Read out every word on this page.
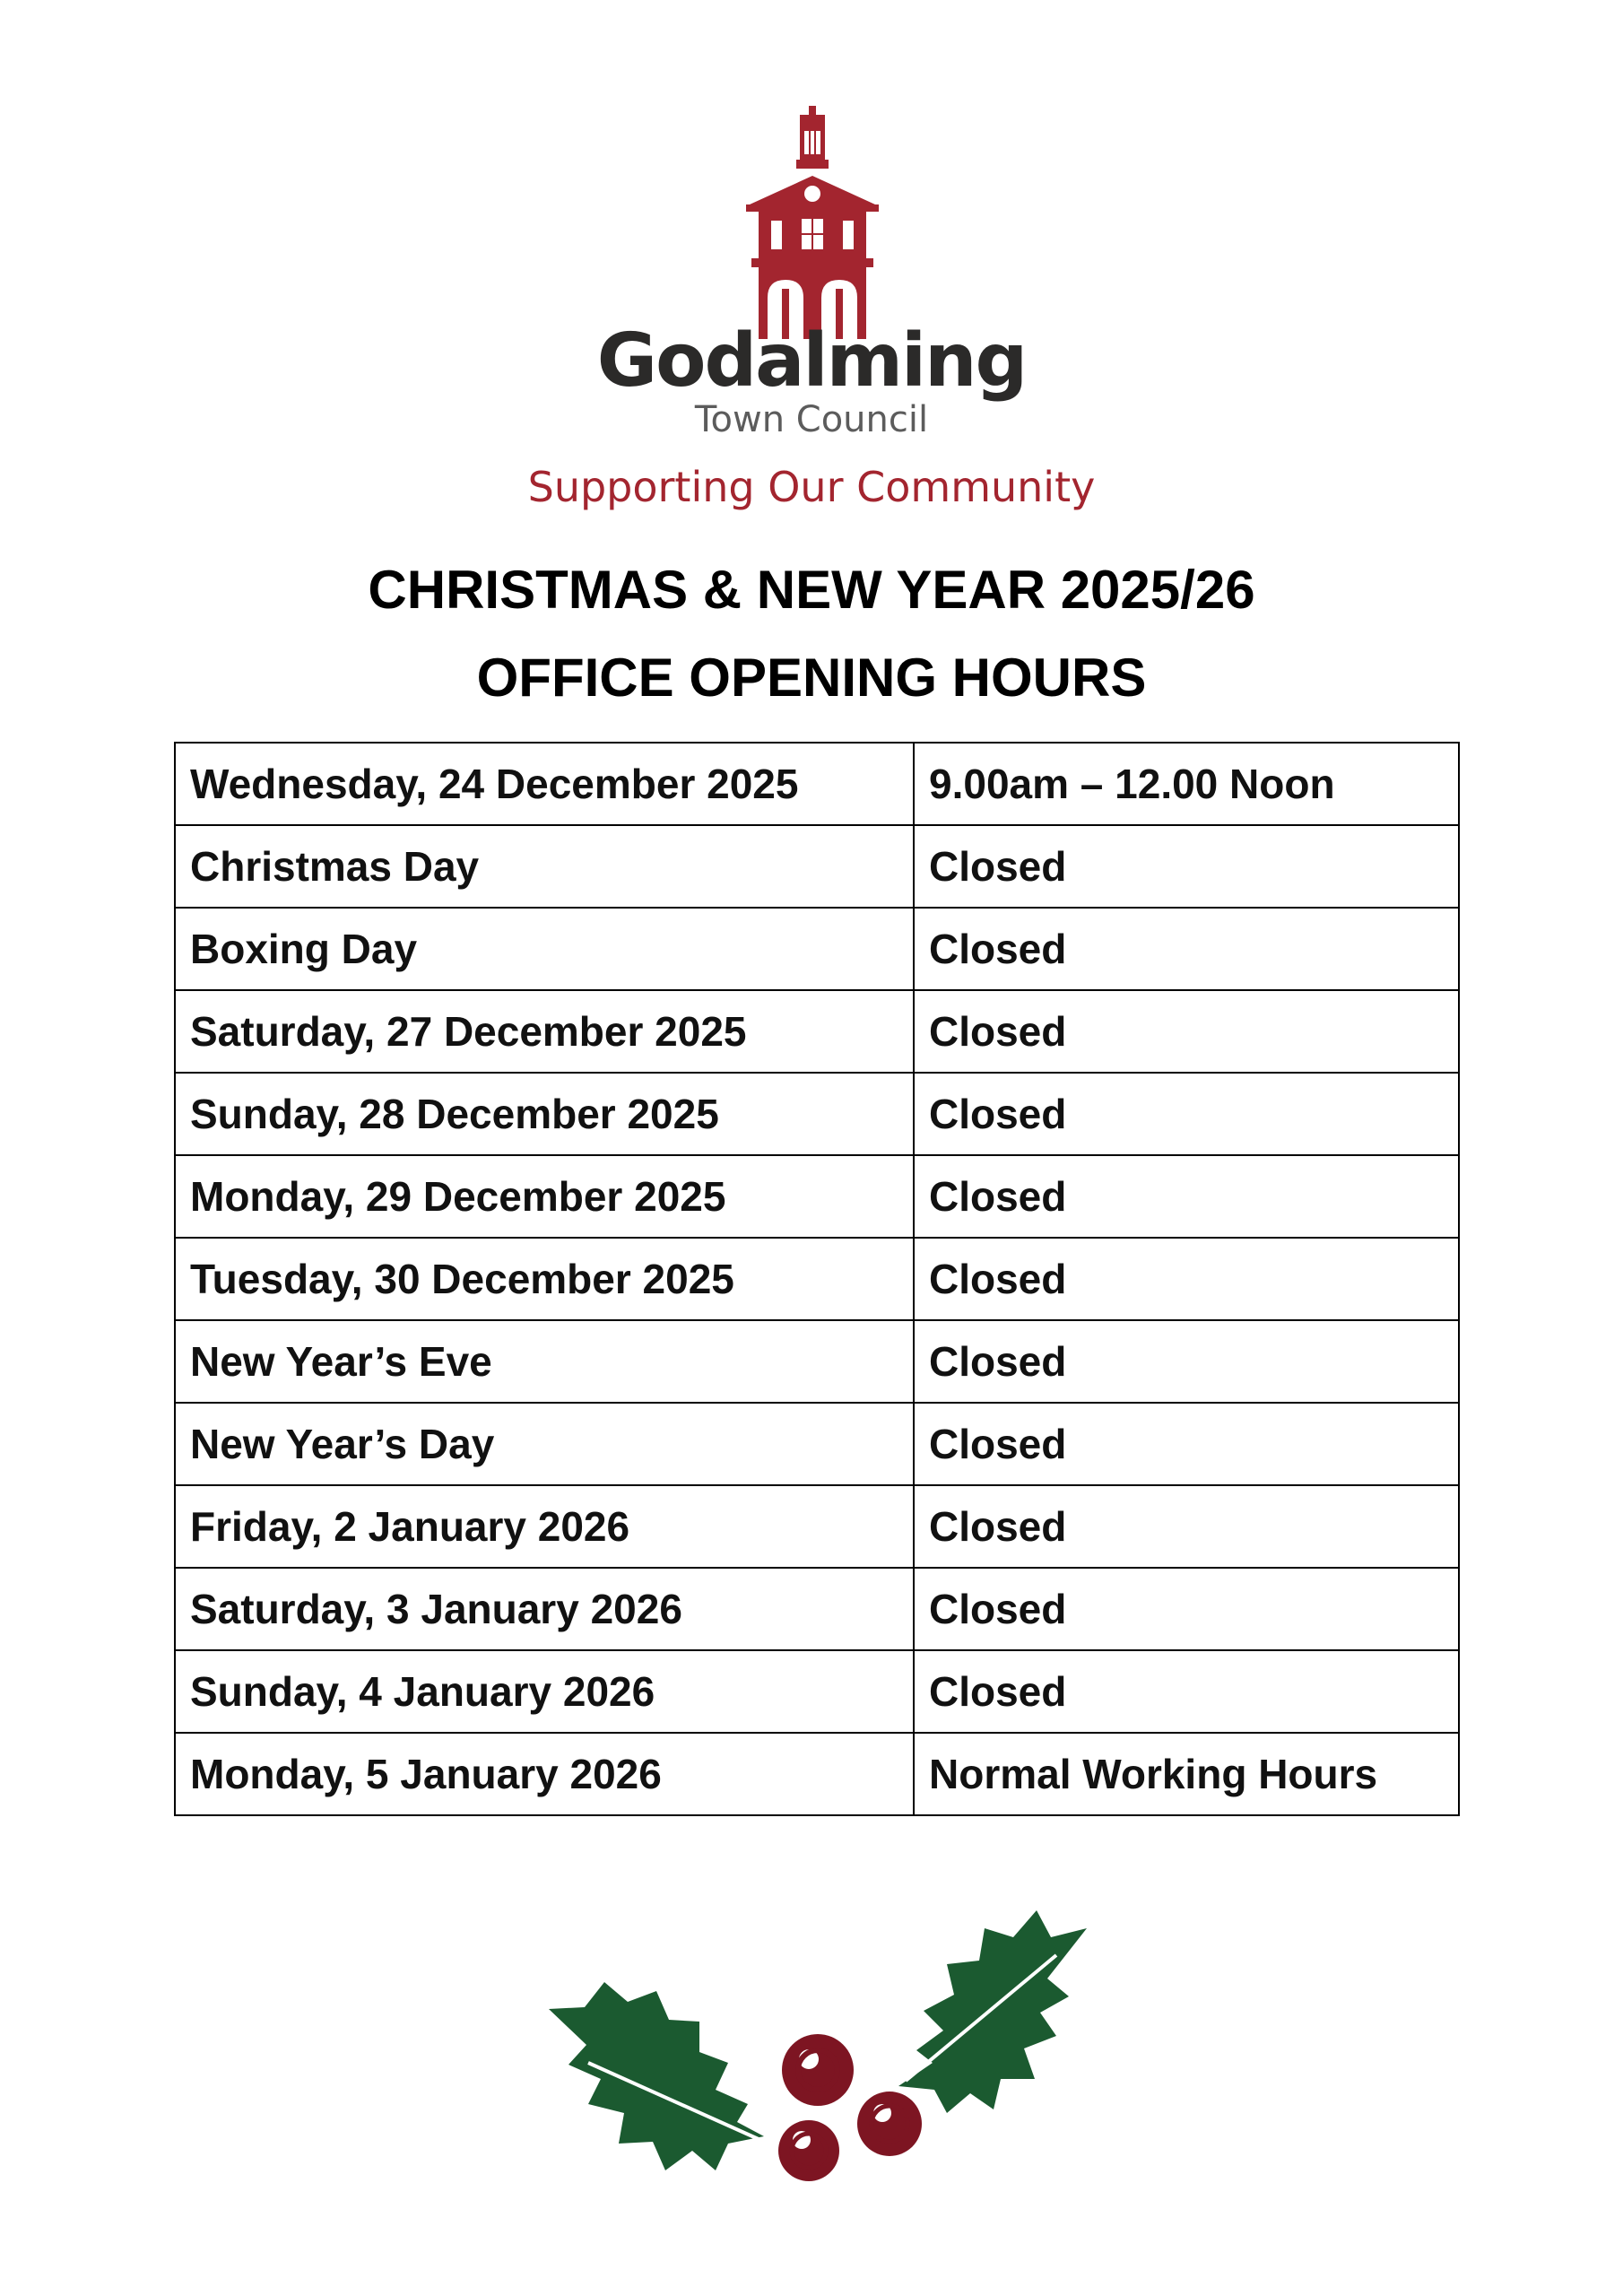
Godalming
Town Council
Supporting Our Community
CHRISTMAS & NEW YEAR 2025/26
OFFICE OPENING HOURS
Wednesday, 24 December 2025	9.00am – 12.00 Noon
Christmas Day	Closed
Boxing Day	Closed
Saturday, 27 December 2025	Closed
Sunday, 28 December 2025	Closed
Monday, 29 December 2025	Closed
Tuesday, 30 December 2025	Closed
New Year’s Eve	Closed
New Year’s Day	Closed
Friday, 2 January 2026	Closed
Saturday, 3 January 2026	Closed
Sunday, 4 January 2026	Closed
Monday, 5 January 2026	Normal Working Hours
